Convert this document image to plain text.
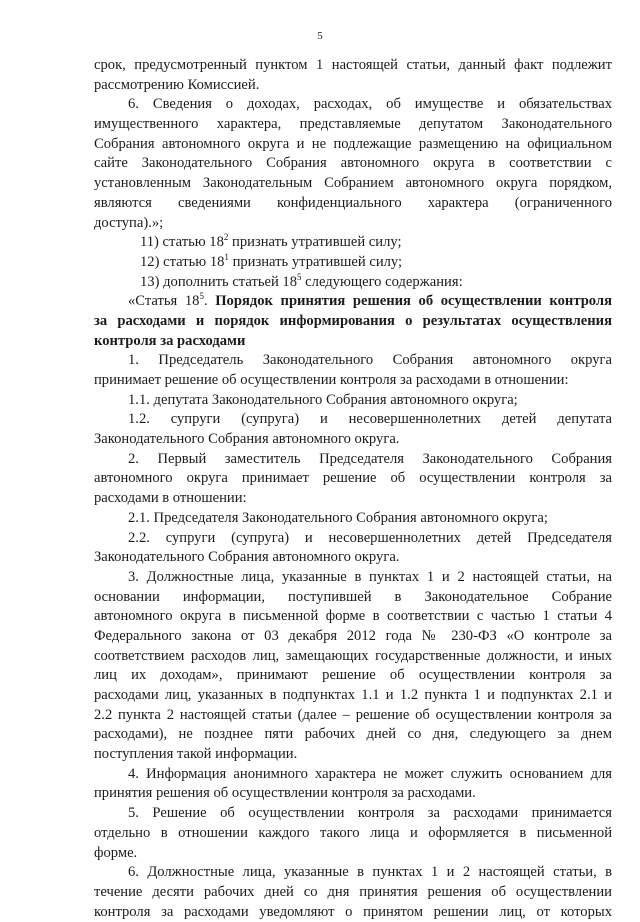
5
срок, предусмотренный пунктом 1 настоящей статьи, данный факт подлежит
рассмотрению Комиссией.
6. Сведения о доходах, расходах, об имуществе и обязательствах
имущественного характера, представляемые депутатом Законодательного
Собрания автономного округа и не подлежащие размещению на официальном
сайте Законодательного Собрания автономного округа в соответствии с
установленным Законодательным Собранием автономного округа порядком,
являются сведениями конфиденциального характера (ограниченного
доступа).»;
11) статью $18^2$ признать утратившей силу;
12) статью $18^1$ признать утратившей силу;
13) дополнить статьей $18^5$ следующего содержания:
«Статья $18^5$. Порядок принятия решения об осуществлении контроля
за расходами и порядок информирования о результатах осуществления
контроля за расходами
1. Председатель Законодательного Собрания автономного округа
принимает решение об осуществлении контроля за расходами в отношении:
1.1. депутата Законодательного Собрания автономного округа;
1.2. супруги (супруга) и несовершеннолетних детей депутата
Законодательного Собрания автономного округа.
2. Первый заместитель Председателя Законодательного Собрания
автономного округа принимает решение об осуществлении контроля за
расходами в отношении:
2.1. Председателя Законодательного Собрания автономного округа;
2.2. супруги (супруга) и несовершеннолетних детей Председателя
Законодательного Собрания автономного округа.
3. Должностные лица, указанные в пунктах 1 и 2 настоящей статьи, на
основании информации, поступившей в Законодательное Собрание
автономного округа в письменной форме в соответствии с частью 1 статьи 4
Федерального закона от 03 декабря 2012 года № 230-ФЗ «О контроле за
соответствием расходов лиц, замещающих государственные должности, и иных
лиц их доходам», принимают решение об осуществлении контроля за
расходами лиц, указанных в подпунктах 1.1 и 1.2 пункта 1 и подпунктах 2.1 и
2.2 пункта 2 настоящей статьи (далее – решение об осуществлении контроля за
расходами), не позднее пяти рабочих дней со дня, следующего за днем
поступления такой информации.
4. Информация анонимного характера не может служить основанием для
принятия решения об осуществлении контроля за расходами.
5. Решение об осуществлении контроля за расходами принимается
отдельно в отношении каждого такого лица и оформляется в письменной
форме.
6. Должностные лица, указанные в пунктах 1 и 2 настоящей статьи, в
течение десяти рабочих дней со дня принятия решения об осуществлении
контроля за расходами уведомляют о принятом решении лиц, от которых
